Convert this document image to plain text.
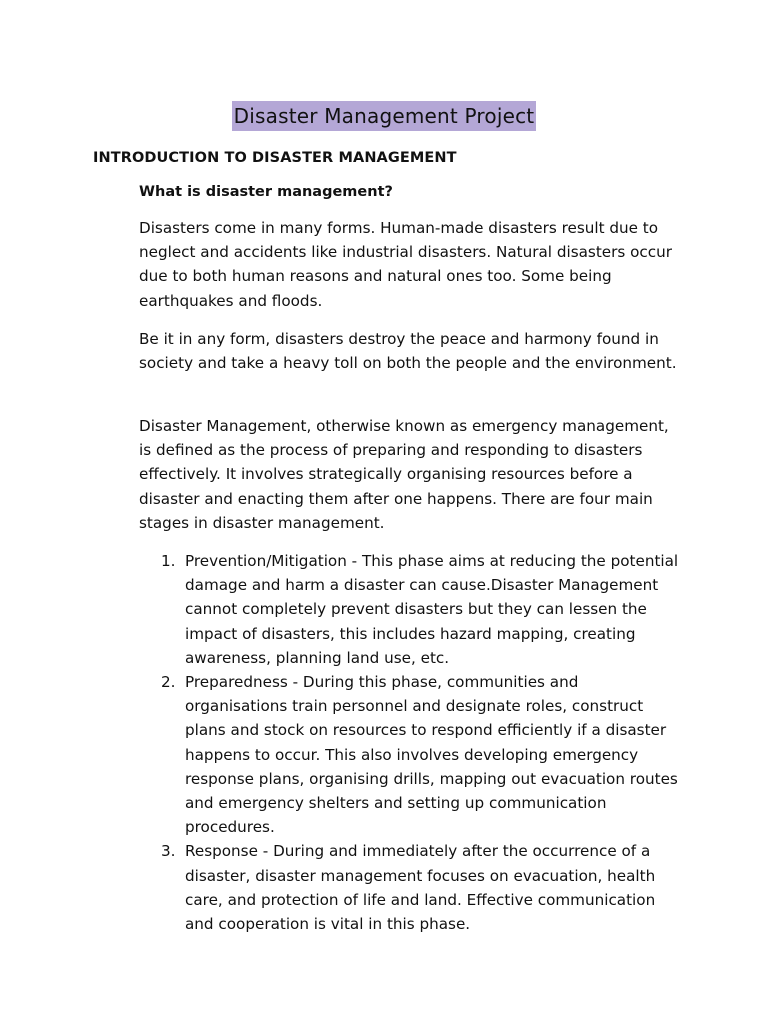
Disaster Management Project
INTRODUCTION TO DISASTER MANAGEMENT
What is disaster management?

Disasters come in many forms. Human-made disasters result due to neglect and accidents like industrial disasters. Natural disasters occur due to both human reasons and natural ones too. Some being earthquakes and floods.

Be it in any form, disasters destroy the peace and harmony found in society and take a heavy toll on both the people and the environment.

Disaster Management, otherwise known as emergency management, is defined as the process of preparing and responding to disasters effectively. It involves strategically organising resources before a disaster and enacting them after one happens. There are four main stages in disaster management.

1. Prevention/Mitigation - This phase aims at reducing the potential damage and harm a disaster can cause.Disaster Management cannot completely prevent disasters but they can lessen the impact of disasters, this includes hazard mapping, creating awareness, planning land use, etc.
2. Preparedness - During this phase, communities and organisations train personnel and designate roles, construct plans and stock on resources to respond efficiently if a disaster happens to occur. This also involves developing emergency response plans, organising drills, mapping out evacuation routes and emergency shelters and setting up communication procedures.
3. Response - During and immediately after the occurrence of a disaster, disaster management focuses on evacuation, health care, and protection of life and land. Effective communication and cooperation is vital in this phase.
